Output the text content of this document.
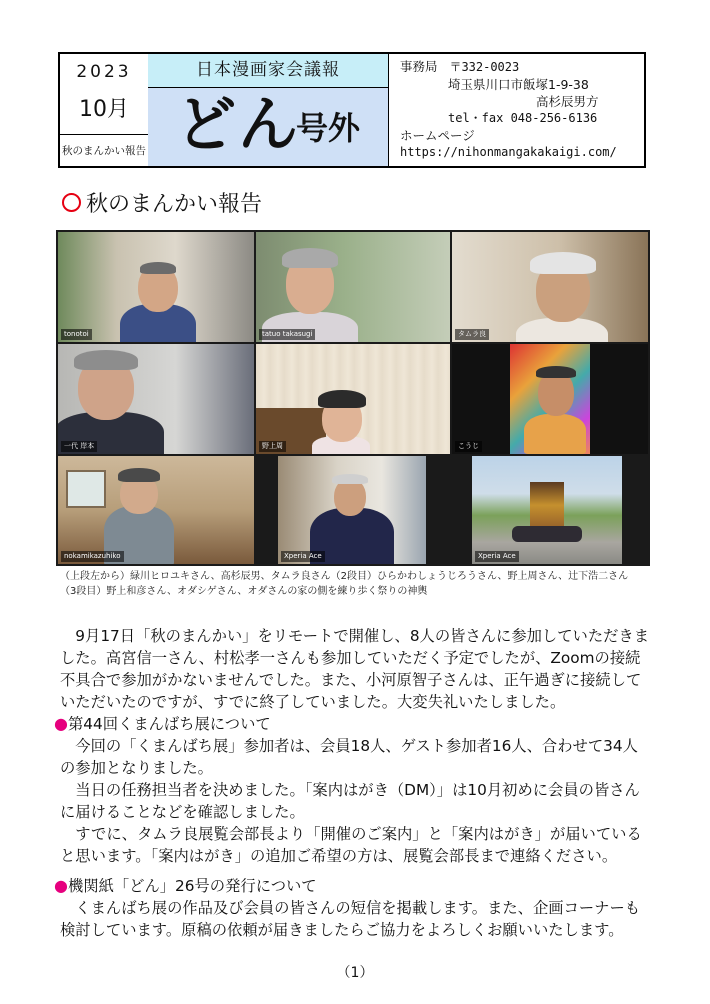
2023
10月
秋のまんかい報告
日本漫画家会議報
どん
号外
事務局 〒332-0023
埼玉県川口市飯塚1-9-38
高杉辰男方
tel・fax 048-256-6136
ホームページ
https://nihonmangakakaigi.com/
秋のまんかい報告
tonotoi	tatuo takasugi	タムラ良
一代 岸本	野上周	こうじ
nokamikazuhiko	Xperia Ace	Xperia Ace
（上段左から）緑川ヒロユキさん、高杉辰男、タムラ良さん（2段目）ひらかわしょうじろうさん、野上周さん、辻下浩二さん
（3段目）野上和彦さん、オダシゲさん、オダさんの家の側を練り歩く祭りの神輿
9月17日「秋のまんかい」をリモートで開催し、8人の皆さんに参加していただきました。高宮信一さん、村松孝一さんも参加していただく予定でしたが、Zoomの接続不具合で参加がかないませんでした。また、小河原智子さんは、正午過ぎに接続していただいたのですが、すでに終了していました。大変失礼いたしました。
●第44回くまんばち展について

今回の「くまんばち展」参加者は、会員18人、ゲスト参加者16人、合わせて34人の参加となりました。

当日の任務担当者を決めました。「案内はがき（DM）」は10月初めに会員の皆さんに届けることなどを確認しました。

すでに、タムラ良展覧会部長より「開催のご案内」と「案内はがき」が届いていると思います。「案内はがき」の追加ご希望の方は、展覧会部長まで連絡ください。

●機関紙「どん」26号の発行について

くまんばち展の作品及び会員の皆さんの短信を掲載します。また、企画コーナーも検討しています。原稿の依頼が届きましたらご協力をよろしくお願いいたします。

（1）
